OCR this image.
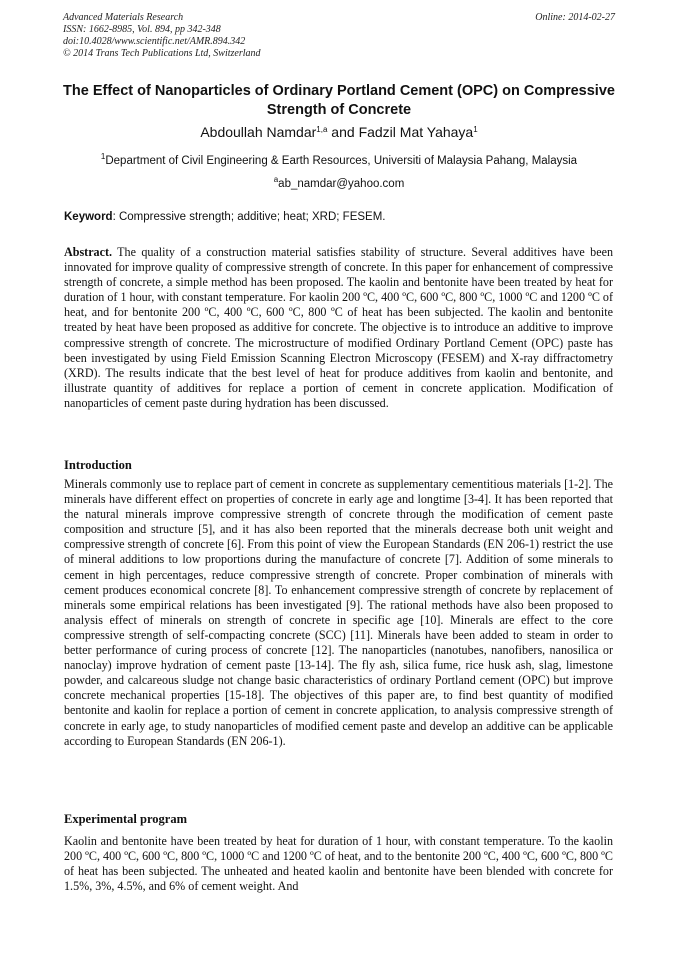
Advanced Materials Research
ISSN: 1662-8985, Vol. 894, pp 342-348
doi:10.4028/www.scientific.net/AMR.894.342
© 2014 Trans Tech Publications Ltd, Switzerland
Online: 2014-02-27
The Effect of Nanoparticles of Ordinary Portland Cement (OPC) on Compressive Strength of Concrete
Abdoullah Namdar$^{1,a}$ and Fadzil Mat Yahaya$^1$
$^1$Department of Civil Engineering & Earth Resources, Universiti of Malaysia Pahang, Malaysia
$^a$ab_namdar@yahoo.com
Keyword: Compressive strength; additive; heat; XRD; FESEM.
Abstract. The quality of a construction material satisfies stability of structure. Several additives have been innovated for improve quality of compressive strength of concrete. In this paper for enhancement of compressive strength of concrete, a simple method has been proposed. The kaolin and bentonite have been treated by heat for duration of 1 hour, with constant temperature. For kaolin 200 ºC, 400 ºC, 600 ºC, 800 ºC, 1000 ºC and 1200 ºC of heat, and for bentonite 200 ºC, 400 ºC, 600 ºC, 800 ºC of heat has been subjected. The kaolin and bentonite treated by heat have been proposed as additive for concrete. The objective is to introduce an additive to improve compressive strength of concrete. The microstructure of modified Ordinary Portland Cement (OPC) paste has been investigated by using Field Emission Scanning Electron Microscopy (FESEM) and X-ray diffractometry (XRD). The results indicate that the best level of heat for produce additives from kaolin and bentonite, and illustrate quantity of additives for replace a portion of cement in concrete application. Modification of nanoparticles of cement paste during hydration has been discussed.
Introduction
Minerals commonly use to replace part of cement in concrete as supplementary cementitious materials [1-2]. The minerals have different effect on properties of concrete in early age and longtime [3-4]. It has been reported that the natural minerals improve compressive strength of concrete through the modification of cement paste composition and structure [5], and it has also been reported that the minerals decrease both unit weight and compressive strength of concrete [6]. From this point of view the European Standards (EN 206-1) restrict the use of mineral additions to low proportions during the manufacture of concrete [7]. Addition of some minerals to cement in high percentages, reduce compressive strength of concrete. Proper combination of minerals with cement produces economical concrete [8]. To enhancement compressive strength of concrete by replacement of minerals some empirical relations has been investigated [9]. The rational methods have also been proposed to analysis effect of minerals on strength of concrete in specific age [10]. Minerals are effect to the core compressive strength of self-compacting concrete (SCC) [11]. Minerals have been added to steam in order to better performance of curing process of concrete [12]. The nanoparticles (nanotubes, nanofibers, nanosilica or nanoclay) improve hydration of cement paste [13-14]. The fly ash, silica fume, rice husk ash, slag, limestone powder, and calcareous sludge not change basic characteristics of ordinary Portland cement (OPC) but improve concrete mechanical properties [15-18]. The objectives of this paper are, to find best quantity of modified bentonite and kaolin for replace a portion of cement in concrete application, to analysis compressive strength of concrete in early age, to study nanoparticles of modified cement paste and develop an additive can be applicable according to European Standards (EN 206-1).
Experimental program
Kaolin and bentonite have been treated by heat for duration of 1 hour, with constant temperature. To the kaolin 200 ºC, 400 ºC, 600 ºC, 800 ºC, 1000 ºC and 1200 ºC of heat, and to the bentonite 200 ºC, 400 ºC, 600 ºC, 800 ºC of heat has been subjected. The unheated and heated kaolin and bentonite have been blended with concrete for 1.5%, 3%, 4.5%, and 6% of cement weight. And
